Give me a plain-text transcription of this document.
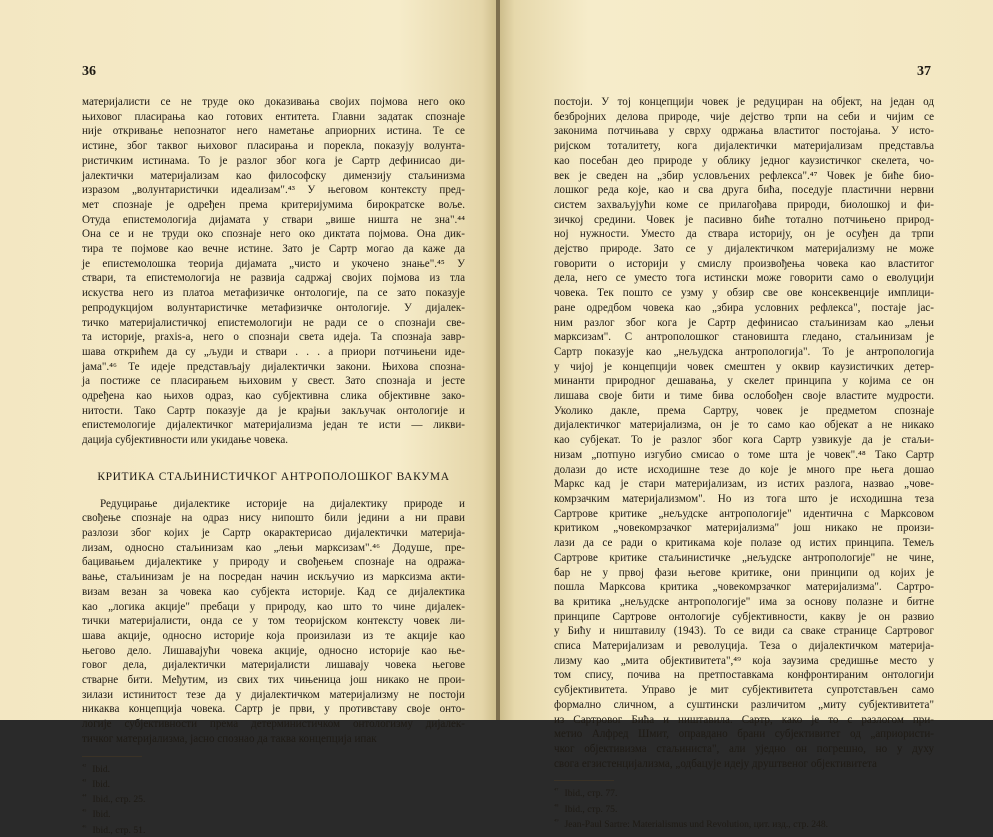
36

материјалисти се не труде око доказивања својих појмова него око
њиховог пласирања као готових ентитета. Главни задатак спознаје
није откривање непознатог него наметање априорних истина. Те се
истине, због таквог њиховог пласирања и порекла, показују волунта-
ристичким истинама. То је разлог због кога је Сартр дефинисао ди-
јалектички материјализам као философску димензију стаљинизма
изразом „волунтаристички идеализам".⁴³ У његовом контексту пред-
мет спознаје је одређен према критеријумима бирократске воље.
Отуда епистемологија дијамата у ствари „више ништа не зна".⁴⁴
Она се и не труди око спознаје него око диктата појмова. Она дик-
тира те појмове као вечне истине. Зато је Сартр могао да каже да
је епистемолошка теорија дијамата „чисто и укочено знање".⁴⁵ У
ствари, та епистемологија не развија садржај својих појмова из тла
искуства него из платоа метафизичке онтологије, па се зато показује
репродукцијом волунтаристичке метафизичке онтологије. У дијалек-
тичко материјалистичкој епистемологији не ради се о спознаји све-
та историје, praxis-а, него о спознаји света идеја. Та спознаја завр-
шава открићем да су „људи и ствари . . . а приори потчињени иде-
јама".⁴⁶ Те идеје представљају дијалектички закони. Њихова спозна-
ја постиже се пласирањем њиховим у свест. Зато спознаја и јесте
одређена као њихов одраз, као субјективна слика објективне зако-
нитости. Тако Сартр показује да је крајњи закључак онтологије и
епистемологије дијалектичког материјализма један те исти — ликви-
дација субјективности или укидање човека.

КРИТИКА СТАЉИНИСТИЧКОГ АНТРОПОЛОШКОГ ВАКУМА

Редуцирање дијалектике историје на дијалектику природе и
свођење спознаје на одраз нису нипошто били једини а ни прави
разлози због којих је Сартр окарактерисао дијалектички материја-
лизам, односно стаљинизам као „лењи марксизам".⁴⁶ Додуше, пре-
бацивањем дијалектике у природу и свођењем спознаје на одража-
вање, стаљинизам је на посредан начин искључио из марксизма акти-
визам везан за човека као субјекта историје. Кад се дијалектика
као „логика акције" пребаци у природу, као што то чине дијалек-
тички материјалисти, онда се у том теоријском контексту човек ли-
шава акције, односно историје која произилази из те акције као
његово дело. Лишавајући човека акције, односно историје као ње-
говог дела, дијалектички материјалисти лишавају човека његове
стварне бити. Међутим, из свих тих чињеница још никако не прои-
зилази истинитост тезе да у дијалектичком материјализму не постоји
никаква концепција човека. Сартр је први, у противставу своје онто-
логије субјективности према детерминистичком онтологизму дијалек-
тичког материјализма, јасно спознао да таква концепција ипак

$^{^{42}}$ Ibid.
$^{^{43}}$ Ibid.
$^{^{44}}$ Ibid., стр. 25.
$^{^{45}}$ Ibid.
$^{^{46}}$ Ibid., стр. 51.
37

постоји. У тој концепцији човек је редуциран на објект, на један од
безбројних делова природе, чије дејство трпи на себи и чијим се
законима потчињава у сврху одржања властитог постојања. У исто-
ријском тоталитету, кога дијалектички материјализам представља
као посебан део природе у облику једног каузистичког скелета, чо-
век је сведен на „збир условљених рефлекса".⁴⁷ Човек је биће био-
лошког реда које, као и сва друга бића, поседује пластични нервни
систем захваљујући коме се прилагођава природи, биолошкој и фи-
зичкој средини. Човек је пасивно биће тотално потчињено природ-
ној нужности. Уместо да ствара историју, он је осуђен да трпи
дејство природе. Зато се у дијалектичком материјализму не може
говорити о историји у смислу произвођења човека као властитог
дела, него се уместо тога истински може говорити само о еволуцији
човека. Тек пошто се узму у обзир све ове консеквенције имплици-
ране одредбом човека као „збира условних рефлекса", постаје јас-
ним разлог због кога је Сартр дефинисао стаљинизам као „лењи
марксизам". С антрополошког становишта гледано, стаљинизам је
Сартр показује као „нељудска антропологија". То је антропологија
у чијој је концепцији човек смештен у оквир каузистичких детер-
минанти природног дешавања, у скелет принципа у којима се он
лишава своје бити и тиме бива ослобођен своје властите мудрости.
Уколико дакле, према Сартру, човек је предметом спознаје
дијалектичког материјализма, он је то само као објекат а не никако
као субјекат. То је разлог због кога Сартр узвикује да је стаљи-
низам „потпуно изгубио смисао о томе шта је човек".⁴⁸ Тако Сартр
долази до исте исходишне тезе до које је много пре њега дошао
Маркс кад је стари материјализам, из истих разлога, назвао „чове-
комрзачким материјализмом". Но из тога што је исходишна теза
Сартрове критике „нељудске антропологије" идентична с Марксовом
критиком „човекомрзачког материјализма" још никако не произи-
лази да се ради о критикама које полазе од истих принципа. Темељ
Сартрове критике стаљинистичке „нељудске антропологије" не чине,
бар не у првој фази његове критике, они принципи од којих је
пошла Марксова критика „човекомрзачког материјализма". Сартро-
ва критика „нељудске антропологије" има за основу полазне и битне
принципе Сартрове онтологије субјективности, какву је он развио
у Бићу и ништавилу (1943). То се види са сваке странице Сартровог
списа Материјализам и револуција. Теза о дијалектичком материја-
лизму као „мита објективитета",⁴⁹ која заузима средишње место у
том спису, почива на претпоставкама конфронтираним онтологији
субјективитета. Управо је мит субјективитета супротстављен само
формално сличном, а суштински различитом „миту субјективитета"
из Сартровог Бића и ништавила. Сартр, како је то с разлогом при-
метио Алфред Шмит, оправдано брани субјективитет од „априористи-
чког објективизма стаљиниста", али уједно он погрешно, но у духу
свога егзистенцијализма, „одбацује идеју друштвеног објективитета

$^{^{47}}$ Ibid., стр. 77.
$^{^{48}}$ Ibid., стр. 75.
$^{^{49}}$ Jean-Paul Sartre: Materialismus und Revolution, цит. изд., стр. 248.
